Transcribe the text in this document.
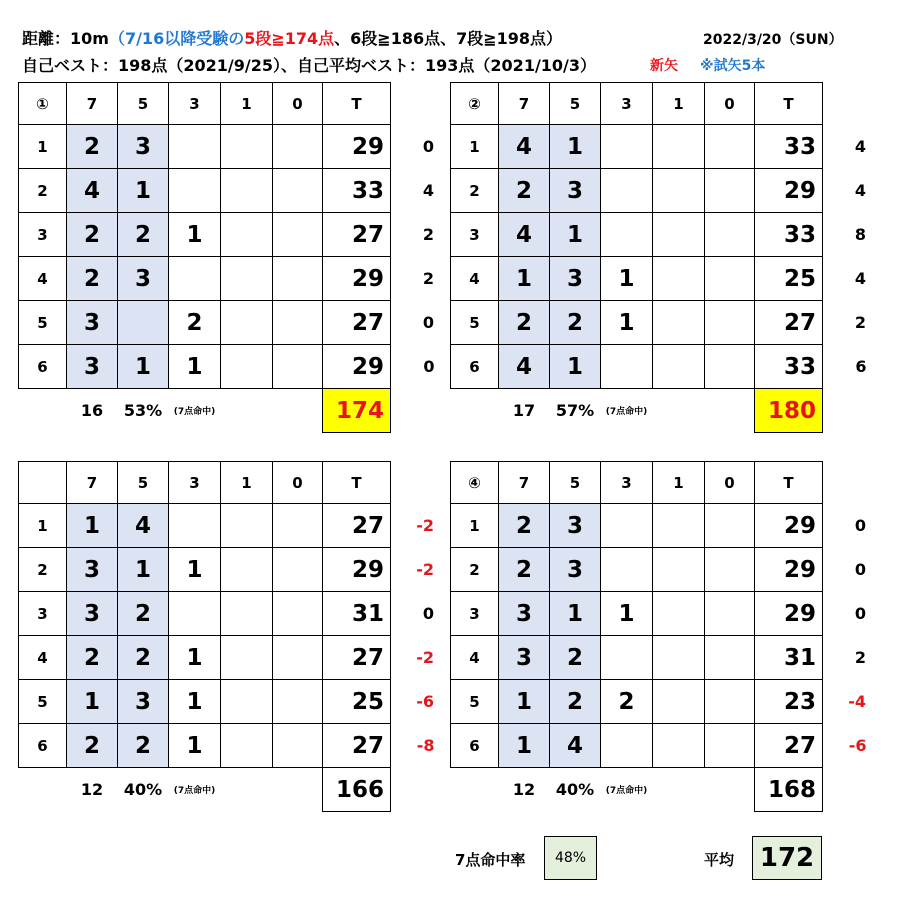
距離：10m（7/16以降受験の5段≧174点、6段≧186点、7段≧198点）	2022/3/20（SUN）
自己ベスト：198点（2021/9/25）、自己平均ベスト：193点（2021/10/3）	新矢 ※試矢5本
①	7	5	3	1	0	T	
1	2	3				29	0
2	4	1				33	4
3	2	2	1			27	2
4	2	3				29	2
5	3		2			27	0
6	3	1	1			29	0
	16	53%	(7点命中)			174	
②	7	5	3	1	0	T	
1	4	1				33	4
2	2	3				29	4
3	4	1				33	8
4	1	3	1			25	4
5	2	2	1			27	2
6	4	1				33	6
	17	57%	(7点命中)			180	
	7	5	3	1	0	T	
1	1	4				27	-2
2	3	1	1			29	-2
3	3	2				31	0
4	2	2	1			27	-2
5	1	3	1			25	-6
6	2	2	1			27	-8
	12	40%	(7点命中)			166	
④	7	5	3	1	0	T	
1	2	3				29	0
2	2	3				29	0
3	3	1	1			29	0
4	3	2				31	2
5	1	2	2			23	-4
6	1	4				27	-6
	12	40%	(7点命中)			168	
7点命中率	48%	平均 172
